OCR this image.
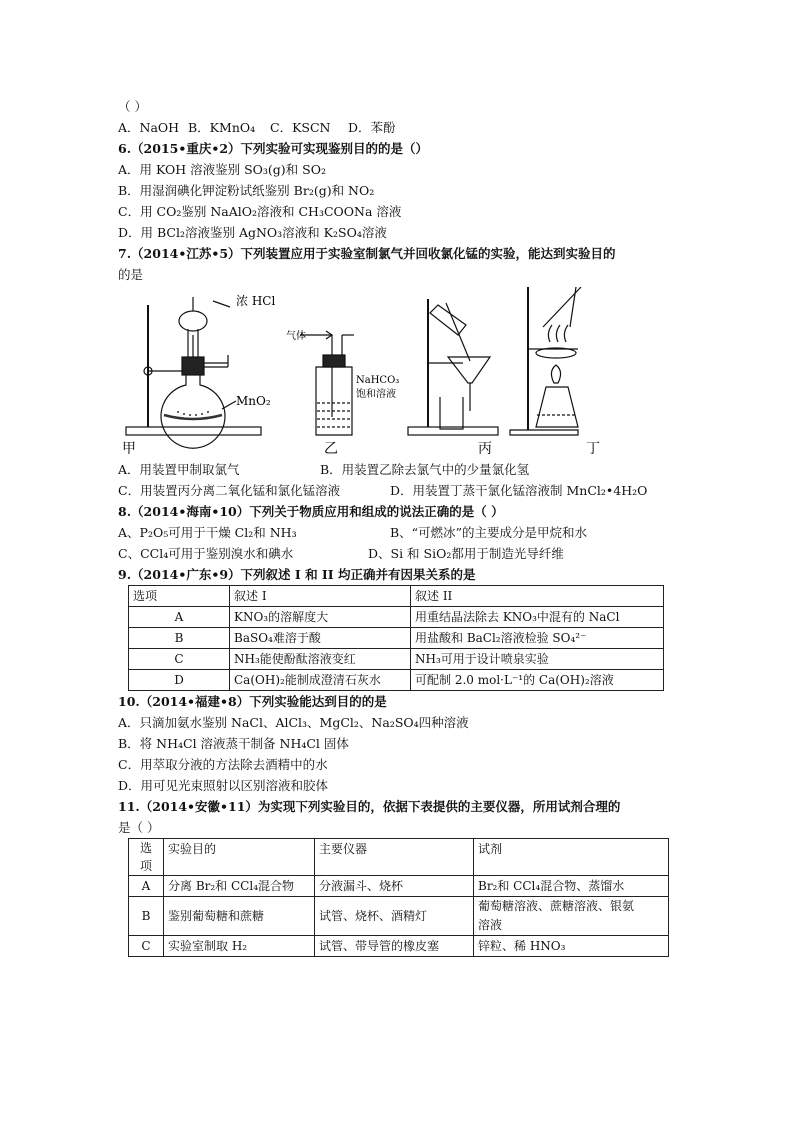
（ ）
A．NaOH B．KMnO₄	C．KSCN	D．苯酚
6.（2015•重庆•2）下列实验可实现鉴别目的的是（）
A．用 KOH 溶液鉴别 SO₃(g)和 SO₂
B．用湿润碘化钾淀粉试纸鉴别 Br₂(g)和 NO₂
C．用 CO₂鉴别 NaAlO₂溶液和 CH₃COONa 溶液
D．用 BCl₂溶液鉴别 AgNO₃溶液和 K₂SO₄溶液
7.（2014•江苏•5）下列装置应用于实验室制氯气并回收氯化锰的实验，能达到实验目的
的是
浓 HCl
MnO₂
气体
NaHCO₃
饱和溶液
甲	乙	丙	丁
A．用装置甲制取氯气	B．用装置乙除去氯气中的少量氯化氢
C．用装置丙分离二氧化锰和氯化锰溶液	D．用装置丁蒸干氯化锰溶液制 MnCl₂•4H₂O
8.（2014•海南•10）下列关于物质应用和组成的说法正确的是（ ）
A、P₂O₅可用于干燥 Cl₂和 NH₃	B、“可燃冰”的主要成分是甲烷和水
C、CCl₄可用于鉴别溴水和碘水	D、Si 和 SiO₂都用于制造光导纤维
9.（2014•广东•9）下列叙述 I 和 II 均正确并有因果关系的是
选项	叙述 I	叙述 II
A	KNO₃的溶解度大	用重结晶法除去 KNO₃中混有的 NaCl
B	BaSO₄难溶于酸	用盐酸和 BaCl₂溶液检验 SO₄²⁻
C	NH₃能使酚酞溶液变红	NH₃可用于设计喷泉实验
D	Ca(OH)₂能制成澄清石灰水	可配制 2.0 mol·L⁻¹的 Ca(OH)₂溶液
10.（2014•福建•8）下列实验能达到目的的是
A．只滴加氨水鉴别 NaCl、AlCl₃、MgCl₂、Na₂SO₄四种溶液
B．将 NH₄Cl 溶液蒸干制备 NH₄Cl 固体
C．用萃取分液的方法除去酒精中的水
D．用可见光束照射以区别溶液和胶体
11.（2014•安徽•11）为实现下列实验目的，依据下表提供的主要仪器，所用试剂合理的
是（ ）
选
项	实验目的	主要仪器	试剂
A	分离 Br₂和 CCl₄混合物	分液漏斗、烧杯	Br₂和 CCl₄混合物、蒸馏水
B	鉴别葡萄糖和蔗糖	试管、烧杯、酒精灯	葡萄糖溶液、蔗糖溶液、银氨
溶液
C	实验室制取 H₂	试管、带导管的橡皮塞	锌粒、稀 HNO₃
